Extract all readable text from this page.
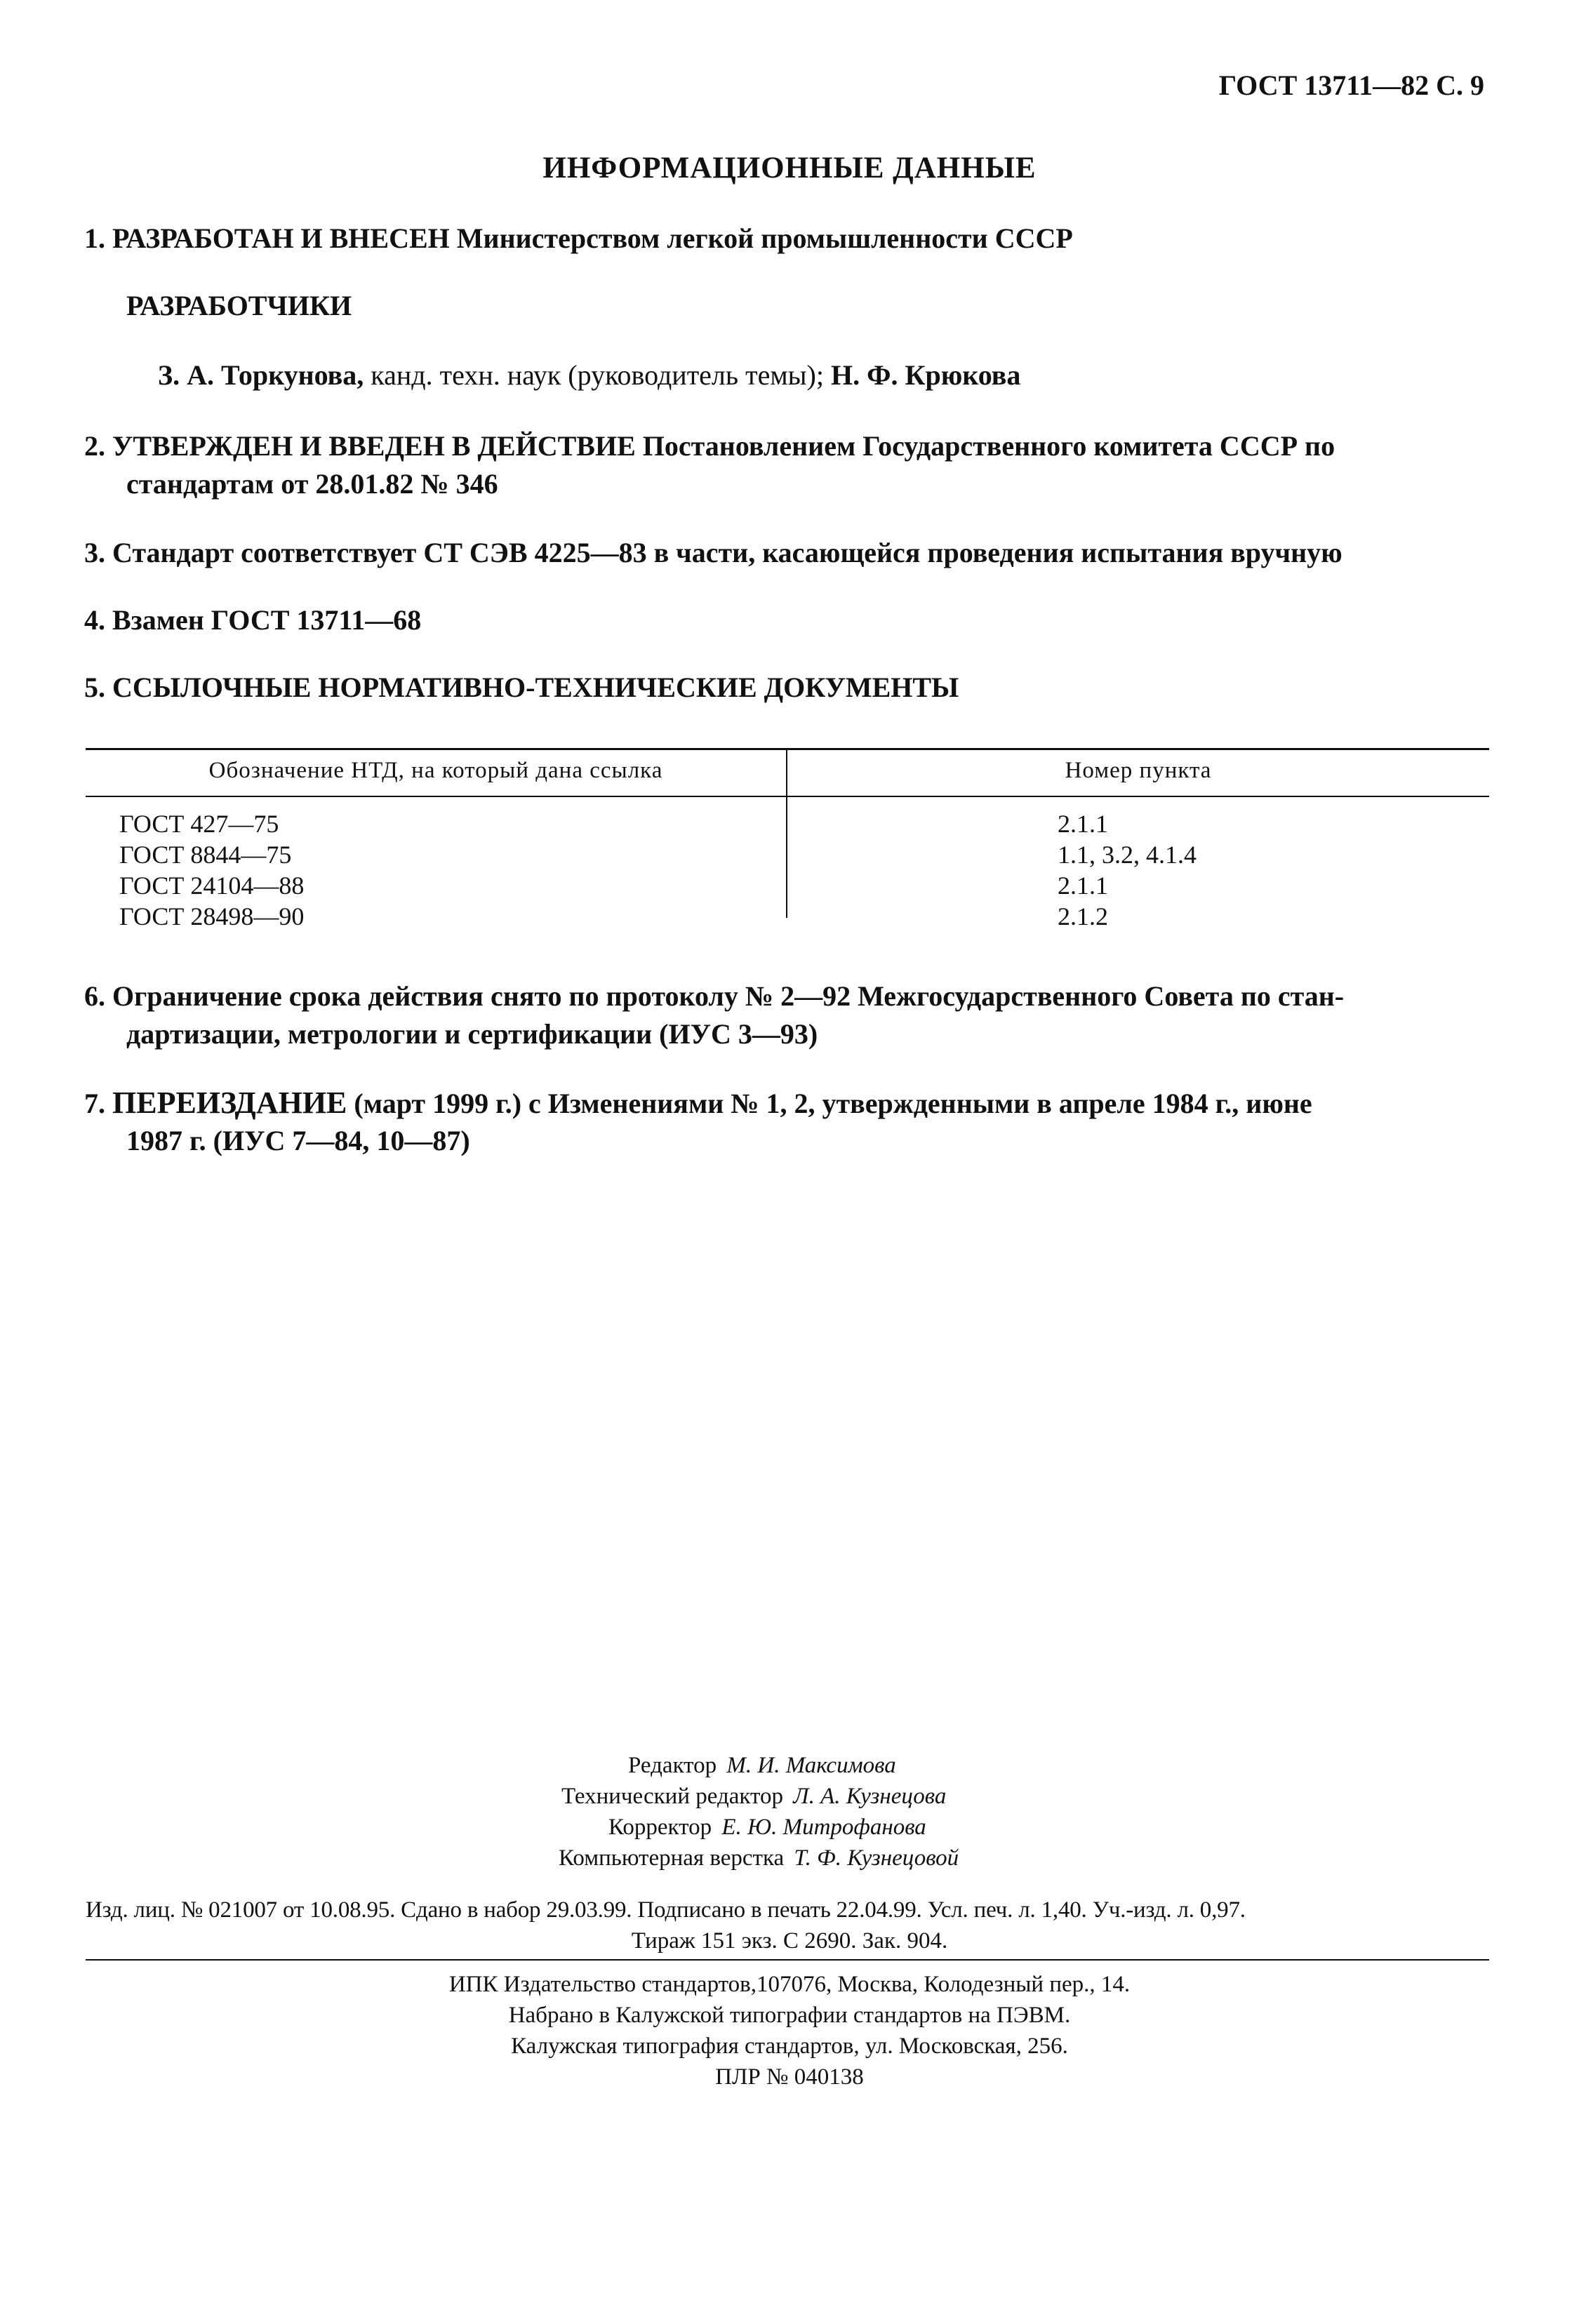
ГОСТ 13711—82 С. 9
ИНФОРМАЦИОННЫЕ ДАННЫЕ
1. РАЗРАБОТАН И ВНЕСЕН Министерством легкой промышленности СССР
РАЗРАБОТЧИКИ
З. А. Торкунова, канд. техн. наук (руководитель темы); Н. Ф. Крюкова
2. УТВЕРЖДЕН И ВВЕДЕН В ДЕЙСТВИЕ Постановлением Государственного комитета СССР по
стандартам от 28.01.82 № 346
3. Стандарт соответствует СТ СЭВ 4225—83 в части, касающейся проведения испытания вручную
4. Взамен ГОСТ 13711—68
5. ССЫЛОЧНЫЕ НОРМАТИВНО-ТЕХНИЧЕСКИЕ ДОКУМЕНТЫ
Обозначение НТД, на который дана ссылка	Номер пункта
ГОСТ 427—75	2.1.1
ГОСТ 8844—75	1.1, 3.2, 4.1.4
ГОСТ 24104—88	2.1.1
ГОСТ 28498—90	2.1.2
6. Ограничение срока действия снято по протоколу № 2—92 Межгосударственного Совета по стан-
дартизации, метрологии и сертификации (ИУС 3—93)
7. ПЕРЕИЗДАНИЕ (март 1999 г.) с Изменениями № 1, 2, утвержденными в апреле 1984 г., июне
1987 г. (ИУС 7—84, 10—87)
Редактор М. И. Максимова
Технический редактор Л. А. Кузнецова
Корректор Е. Ю. Митрофанова
Компьютерная верстка Т. Ф. Кузнецовой
Изд. лиц. № 021007 от 10.08.95. Сдано в набор 29.03.99. Подписано в печать 22.04.99. Усл. печ. л. 1,40. Уч.-изд. л. 0,97.
Тираж 151 экз. С 2690. Зак. 904.
ИПК Издательство стандартов,107076, Москва, Колодезный пер., 14.
Набрано в Калужской типографии стандартов на ПЭВМ.
Калужская типография стандартов, ул. Московская, 256.
ПЛР № 040138
